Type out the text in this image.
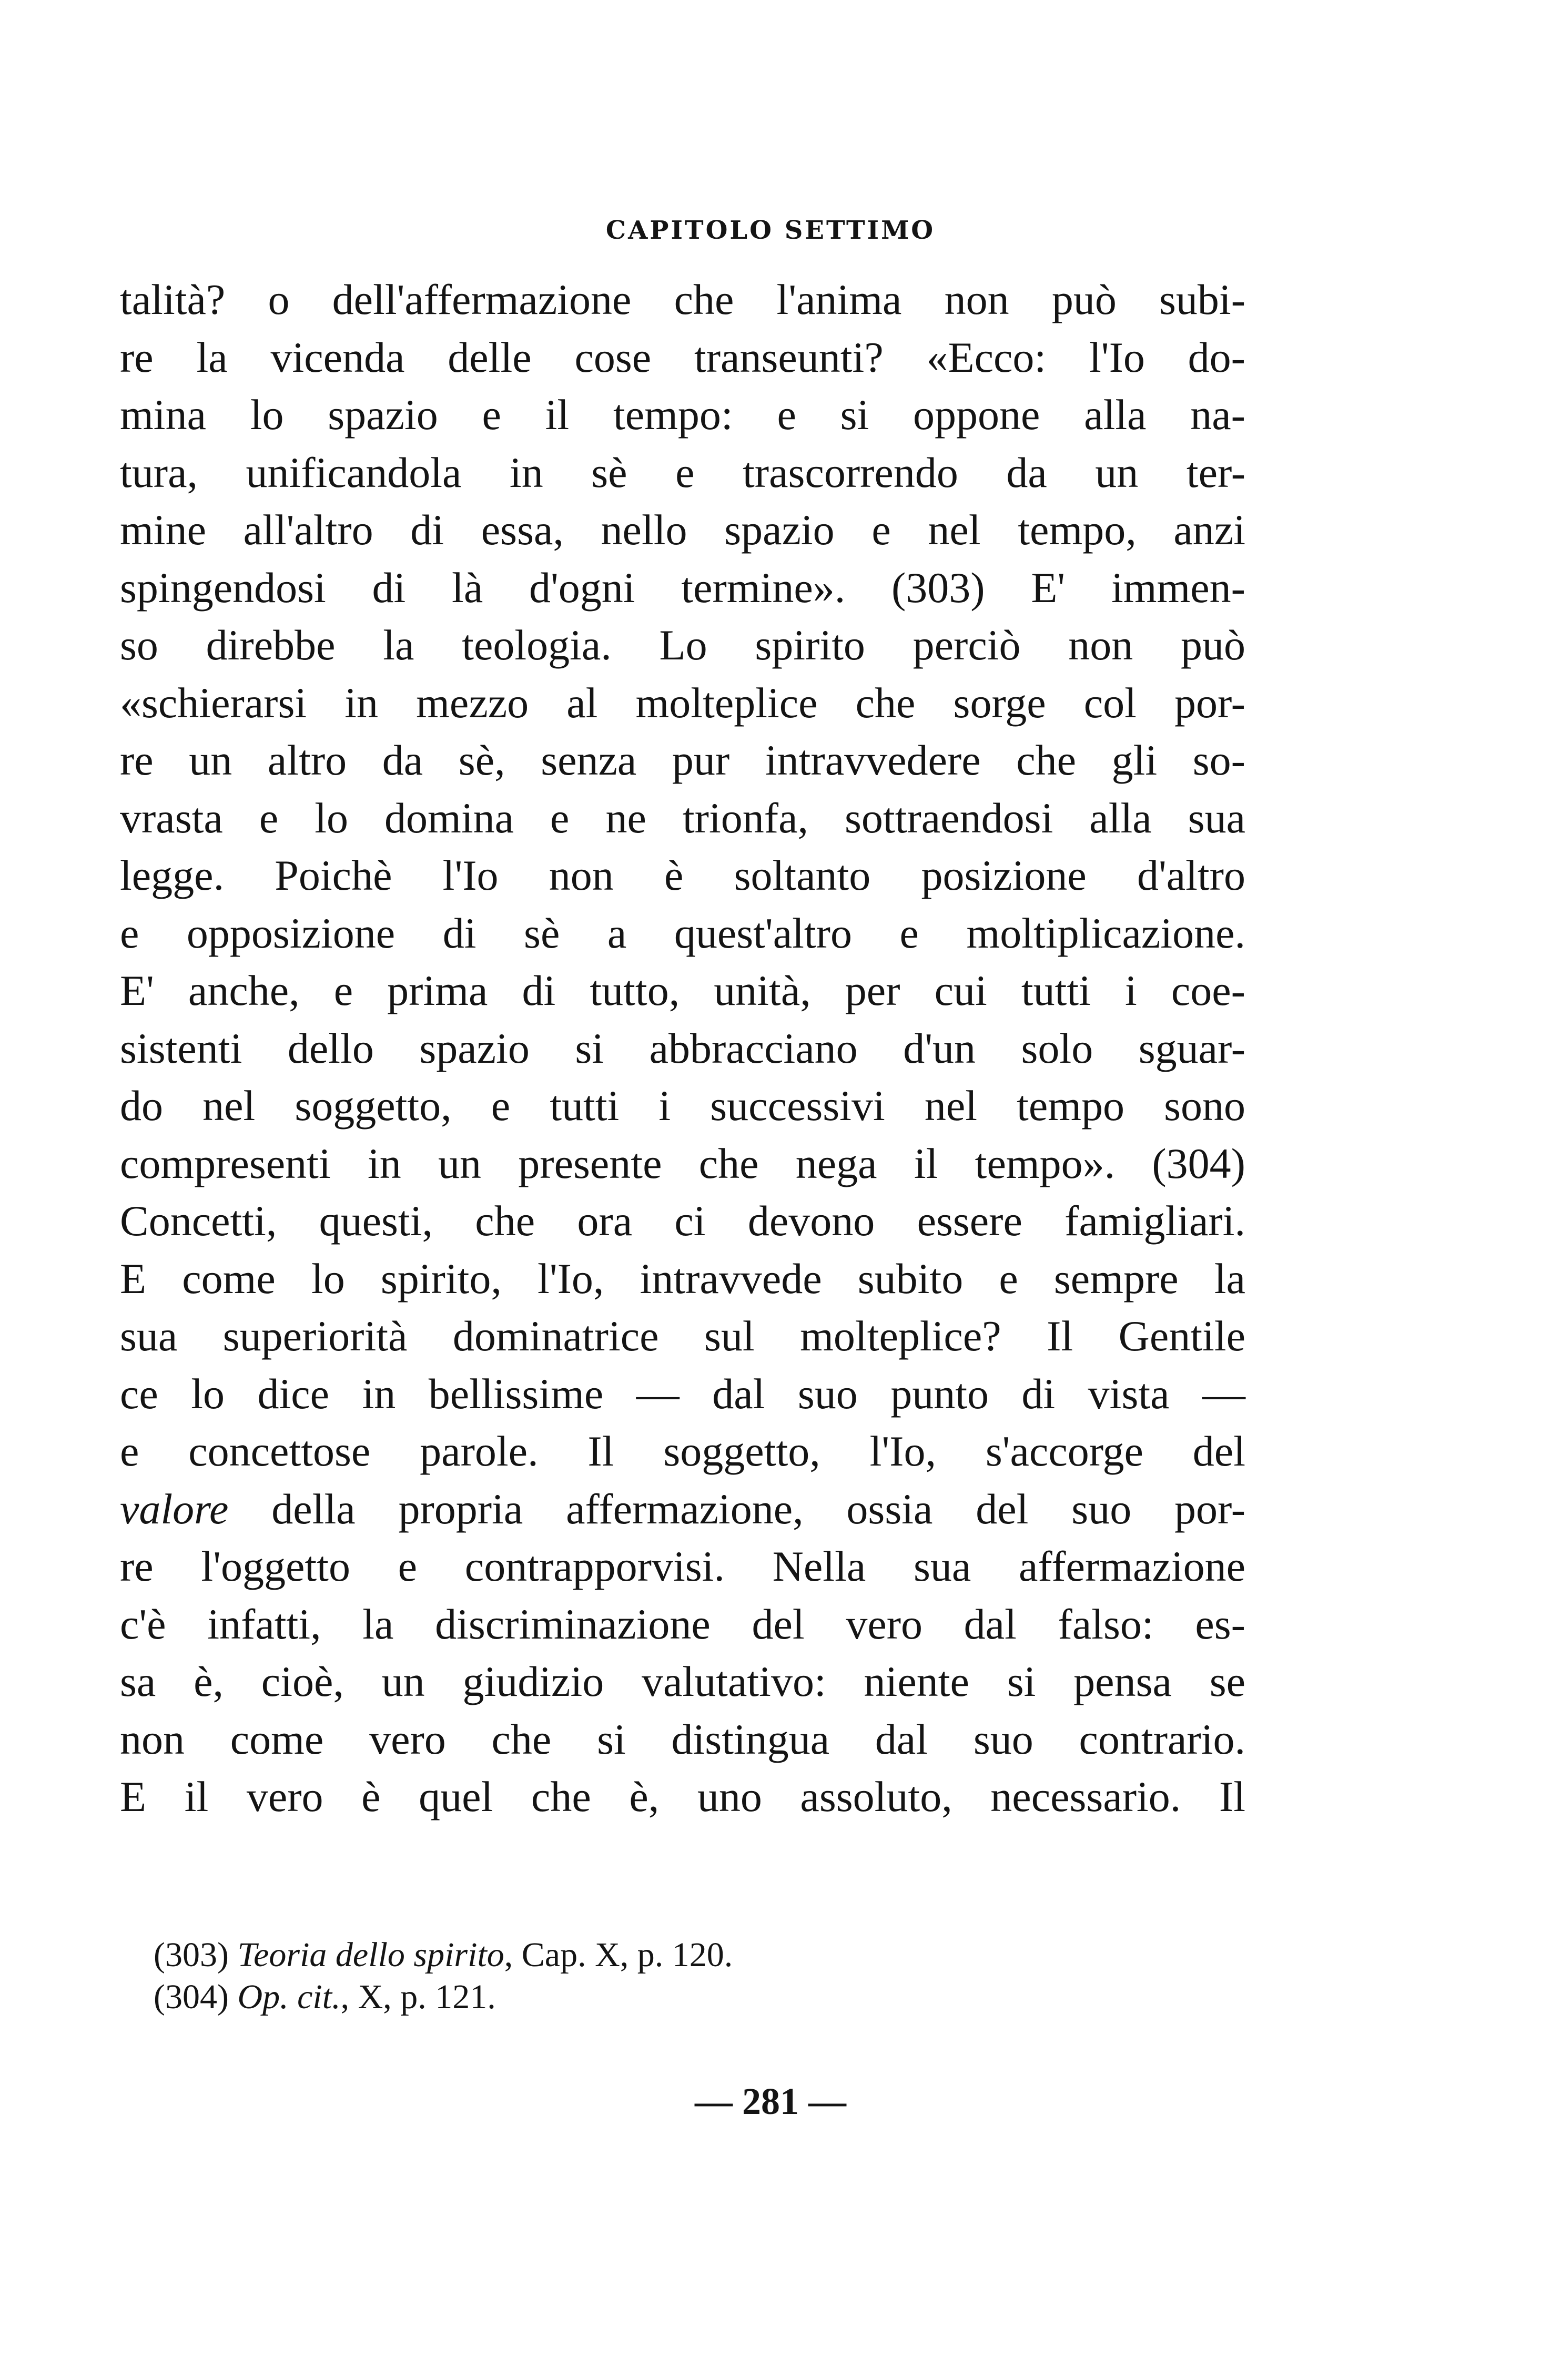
CAPITOLO SETTIMO
talità? o dell'affermazione che l'anima non può subi-
re la vicenda delle cose transeunti? «Ecco: l'Io do-
mina lo spazio e il tempo: e si oppone alla na-
tura, unificandola in sè e trascorrendo da un ter-
mine all'altro di essa, nello spazio e nel tempo, anzi
spingendosi di là d'ogni termine». (303) E' immen-
so direbbe la teologia. Lo spirito perciò non può
«schierarsi in mezzo al molteplice che sorge col por-
re un altro da sè, senza pur intravvedere che gli so-
vrasta e lo domina e ne trionfa, sottraendosi alla sua
legge. Poichè l'Io non è soltanto posizione d'altro
e opposizione di sè a quest'altro e moltiplicazione.
E' anche, e prima di tutto, unità, per cui tutti i coe-
sistenti dello spazio si abbracciano d'un solo sguar-
do nel soggetto, e tutti i successivi nel tempo sono
compresenti in un presente che nega il tempo». (304)
Concetti, questi, che ora ci devono essere famigliari.
E come lo spirito, l'Io, intravvede subito e sempre la
sua superiorità dominatrice sul molteplice? Il Gentile
ce lo dice in bellissime — dal suo punto di vista —
e concettose parole. Il soggetto, l'Io, s'accorge del
valore della propria affermazione, ossia del suo por-
re l'oggetto e contrapporvisi. Nella sua affermazione
c'è infatti, la discriminazione del vero dal falso: es-
sa è, cioè, un giudizio valutativo: niente si pensa se
non come vero che si distingua dal suo contrario.
E il vero è quel che è, uno assoluto, necessario. Il
(303) Teoria dello spirito, Cap. X, p. 120.
(304) Op. cit., X, p. 121.

— 281 —
